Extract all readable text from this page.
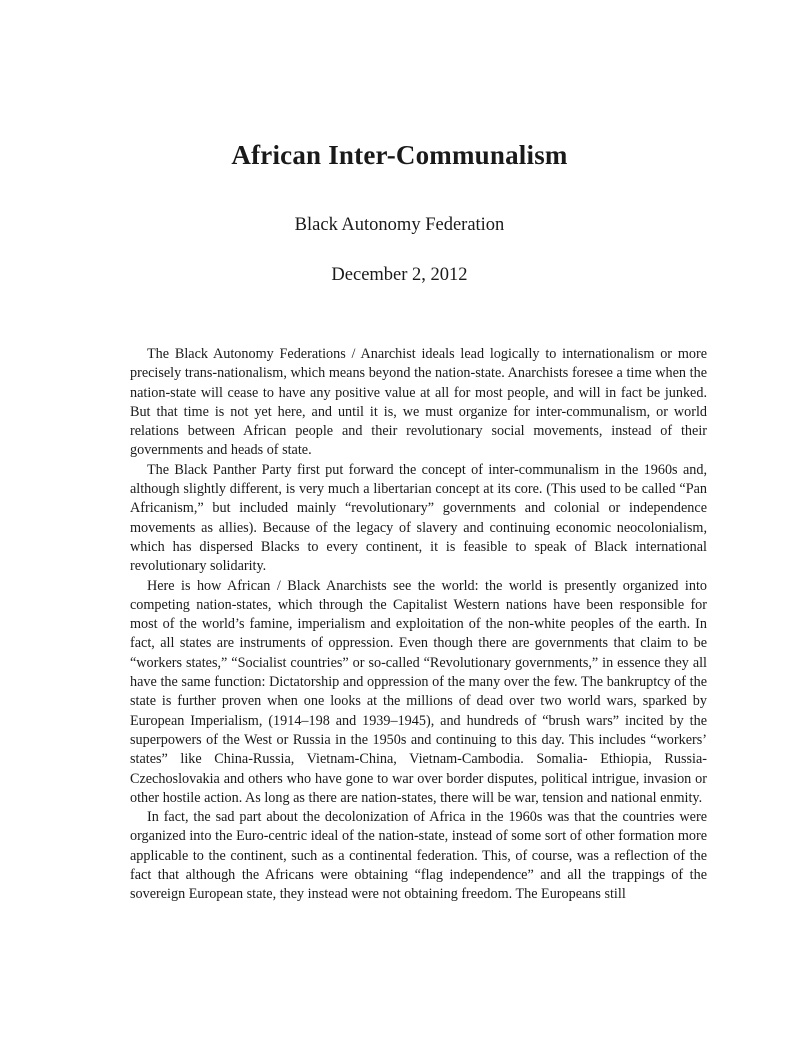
African Inter-Communalism
Black Autonomy Federation
December 2, 2012

The Black Autonomy Federations / Anarchist ideals lead logically to internationalism or more precisely trans-nationalism, which means beyond the nation-state. Anarchists foresee a time when the nation-state will cease to have any positive value at all for most people, and will in fact be junked. But that time is not yet here, and until it is, we must organize for inter-communalism, or world relations between African people and their revolutionary social movements, instead of their governments and heads of state.

The Black Panther Party first put forward the concept of inter-communalism in the 1960s and, although slightly different, is very much a libertarian concept at its core. (This used to be called “Pan Africanism,” but included mainly “revolutionary” governments and colonial or independence movements as allies). Because of the legacy of slavery and continuing economic neocolonialism, which has dispersed Blacks to every continent, it is feasible to speak of Black international revolutionary solidarity.

Here is how African / Black Anarchists see the world: the world is presently organized into competing nation-states, which through the Capitalist Western nations have been responsible for most of the world’s famine, imperialism and exploitation of the non-white peoples of the earth. In fact, all states are instruments of oppression. Even though there are governments that claim to be “workers states,” “Socialist countries” or so-called “Revolutionary governments,” in essence they all have the same function: Dictatorship and oppression of the many over the few. The bankruptcy of the state is further proven when one looks at the millions of dead over two world wars, sparked by European Imperialism, (1914–198 and 1939–1945), and hundreds of “brush wars” incited by the superpowers of the West or Russia in the 1950s and continuing to this day. This includes “workers’ states” like China-Russia, Vietnam-China, Vietnam-Cambodia. Somalia- Ethiopia, Russia-Czechoslovakia and others who have gone to war over border disputes, political intrigue, invasion or other hostile action. As long as there are nation-states, there will be war, tension and national enmity.

In fact, the sad part about the decolonization of Africa in the 1960s was that the countries were organized into the Euro-centric ideal of the nation-state, instead of some sort of other formation more applicable to the continent, such as a continental federation. This, of course, was a reflection of the fact that although the Africans were obtaining “flag independence” and all the trappings of the sovereign European state, they instead were not obtaining freedom. The Europeans still
